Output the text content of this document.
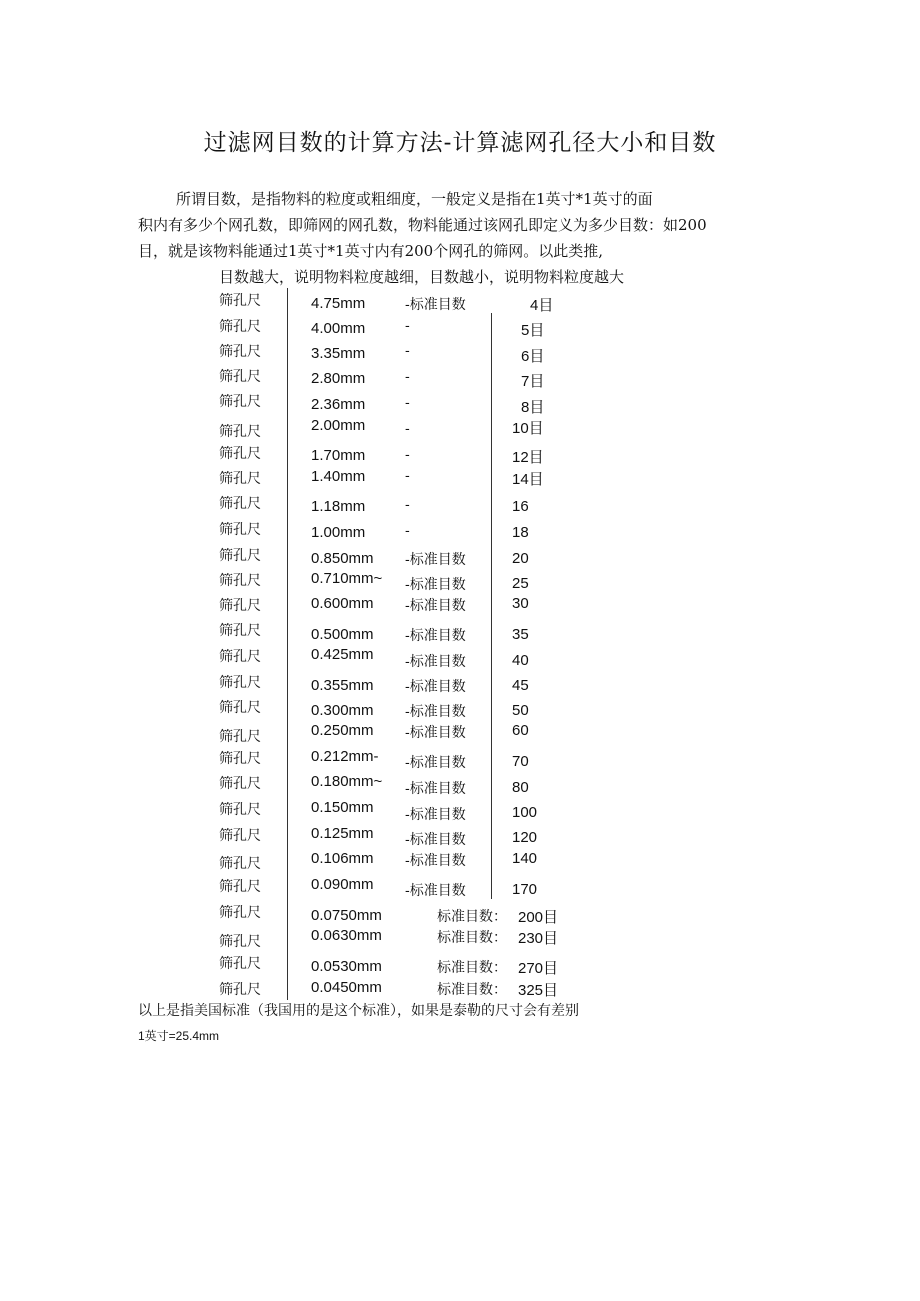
过滤网目数的计算方法-计算滤网孔径大小和目数
所谓目数，是指物料的粒度或粗细度，一般定义是指在1英寸*1英寸的面
积内有多少个网孔数，即筛网的网孔数，物料能通过该网孔即定义为多少目数：如200
目，就是该物料能通过1英寸*1英寸内有200个网孔的筛网。以此类推,
目数越大，说明物料粒度越细，目数越小，说明物料粒度越大
筛孔尺	4.75mm	-标准目数	4目
筛孔尺	4.00mm	-	5目
筛孔尺	3.35mm	-	6目
筛孔尺	2.80mm	-	7目
筛孔尺	2.36mm	-	8目
筛孔尺	2.00mm	-	10目
筛孔尺	1.70mm	-	12目
筛孔尺	1.40mm	-	14目
筛孔尺	1.18mm	-	16
筛孔尺	1.00mm	-	18
筛孔尺	0.850mm -标准目数	20
筛孔尺	0.710mm~ -标准目数	25
筛孔尺	0.600mm -标准目数	30
筛孔尺	0.500mm -标准目数	35
筛孔尺	0.425mm -标准目数	40
筛孔尺	0.355mm -标准目数	45
筛孔尺	0.300mm -标准目数	50
筛孔尺	0.250mm -标准目数	60
筛孔尺	0.212mm- -标准目数	70
筛孔尺	0.180mm~ -标准目数	80
筛孔尺	0.150mm -标准目数	100
筛孔尺	0.125mm -标准目数	120
筛孔尺	0.106mm -标准目数	140
筛孔尺	0.090mm -标准目数	170
筛孔尺	0.0750mm	标准目数： 200目
筛孔尺	0.0630mm	标准目数： 230目
筛孔尺	0.0530mm	标准目数： 270目
筛孔尺	0.0450mm	标准目数： 325目
以上是指美国标准（我国用的是这个标准），如果是泰勒的尺寸会有差别
1英寸=25.4mm
